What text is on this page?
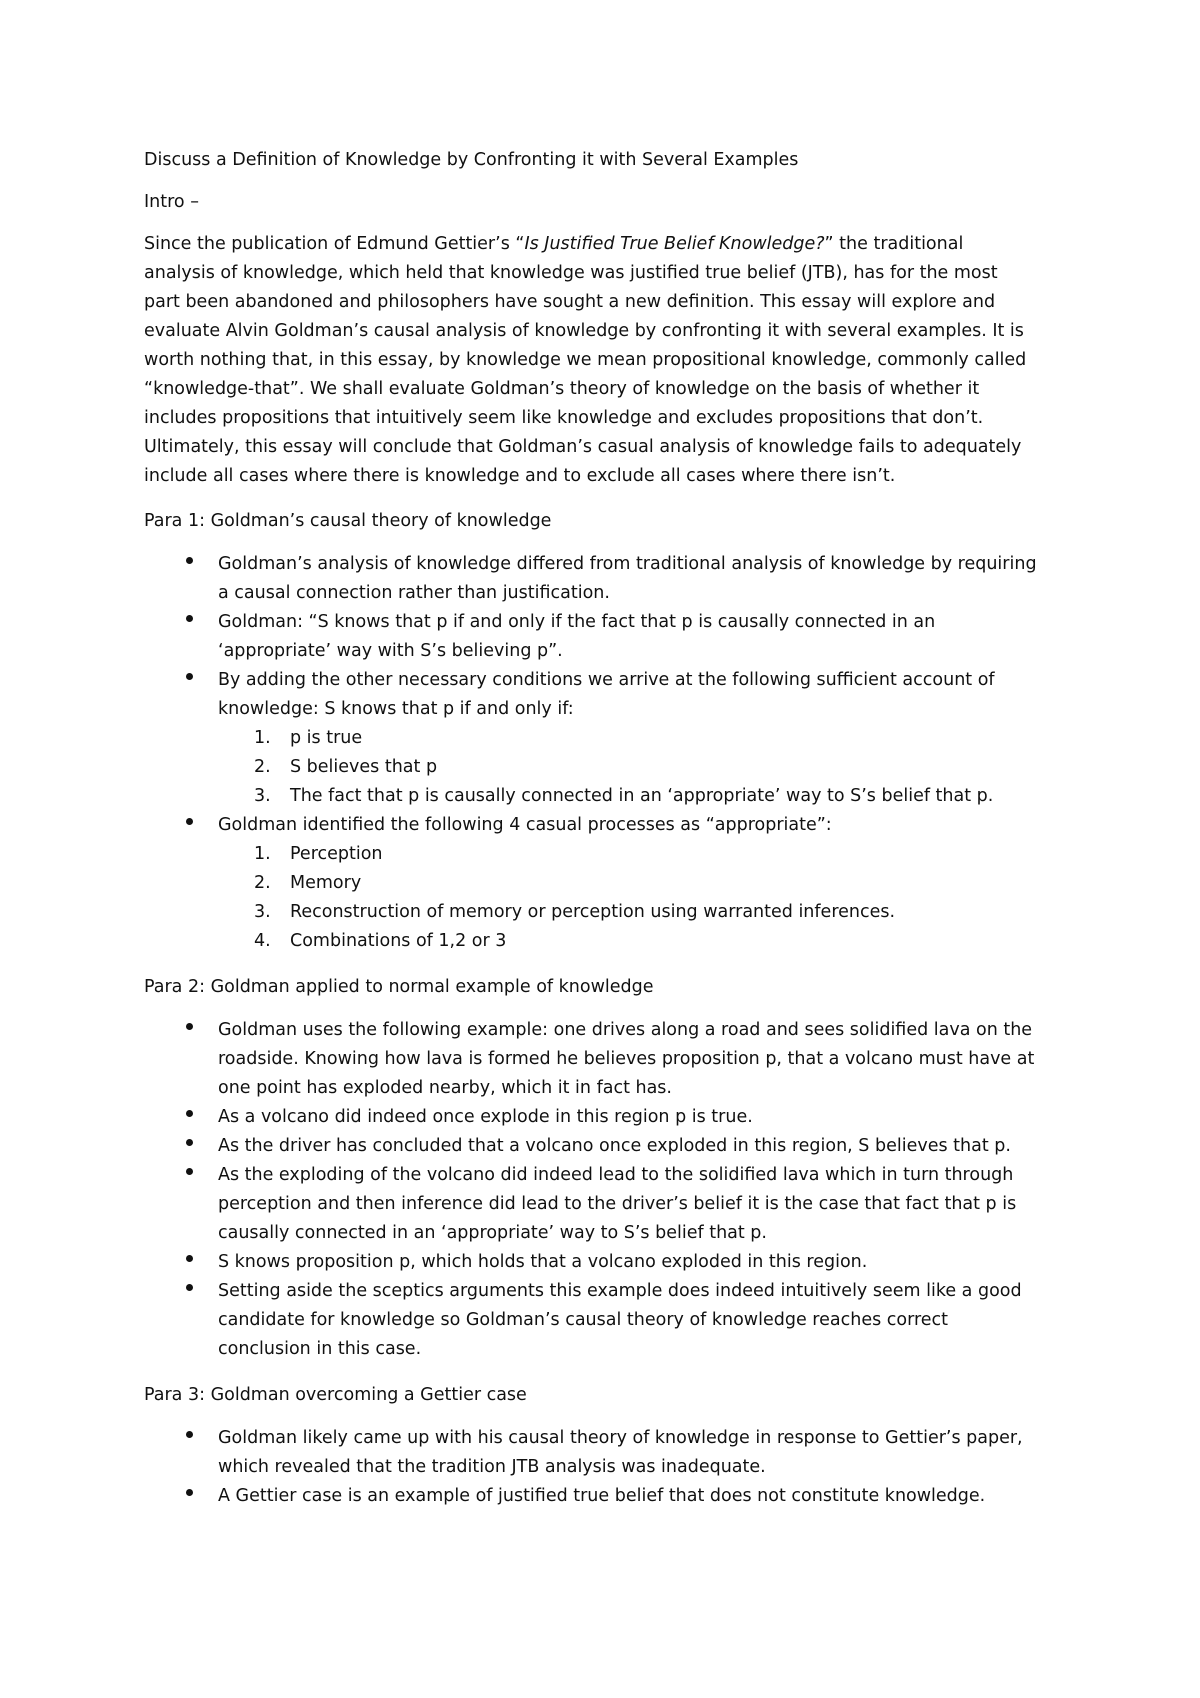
Discuss a Definition of Knowledge by Confronting it with Several Examples

Intro –

Since the publication of Edmund Gettier’s “Is Justified True Belief Knowledge?” the traditional

analysis of knowledge, which held that knowledge was justified true belief (JTB), has for the most

part been abandoned and philosophers have sought a new definition. This essay will explore and

evaluate Alvin Goldman’s causal analysis of knowledge by confronting it with several examples. It is

worth nothing that, in this essay, by knowledge we mean propositional knowledge, commonly called

“knowledge-that”. We shall evaluate Goldman’s theory of knowledge on the basis of whether it

includes propositions that intuitively seem like knowledge and excludes propositions that don’t.

Ultimately, this essay will conclude that Goldman’s casual analysis of knowledge fails to adequately

include all cases where there is knowledge and to exclude all cases where there isn’t.

Para 1: Goldman’s causal theory of knowledge

Goldman’s analysis of knowledge differed from traditional analysis of knowledge by requiring
a causal connection rather than justification.
Goldman: “S knows that p if and only if the fact that p is causally connected in an
‘appropriate’ way with S’s believing p”.
By adding the other necessary conditions we arrive at the following sufficient account of
knowledge: S knows that p if and only if:
1. p is true
2. S believes that p
3. The fact that p is causally connected in an ‘appropriate’ way to S’s belief that p.
Goldman identified the following 4 casual processes as “appropriate”:
1. Perception
2. Memory
3. Reconstruction of memory or perception using warranted inferences.
4. Combinations of 1,2 or 3

Para 2: Goldman applied to normal example of knowledge

Goldman uses the following example: one drives along a road and sees solidified lava on the
roadside. Knowing how lava is formed he believes proposition p, that a volcano must have at
one point has exploded nearby, which it in fact has.
As a volcano did indeed once explode in this region p is true.
As the driver has concluded that a volcano once exploded in this region, S believes that p.
As the exploding of the volcano did indeed lead to the solidified lava which in turn through
perception and then inference did lead to the driver’s belief it is the case that fact that p is
causally connected in an ‘appropriate’ way to S’s belief that p.
S knows proposition p, which holds that a volcano exploded in this region.
Setting aside the sceptics arguments this example does indeed intuitively seem like a good
candidate for knowledge so Goldman’s causal theory of knowledge reaches correct
conclusion in this case.

Para 3: Goldman overcoming a Gettier case

Goldman likely came up with his causal theory of knowledge in response to Gettier’s paper,
which revealed that the tradition JTB analysis was inadequate.
A Gettier case is an example of justified true belief that does not constitute knowledge.
